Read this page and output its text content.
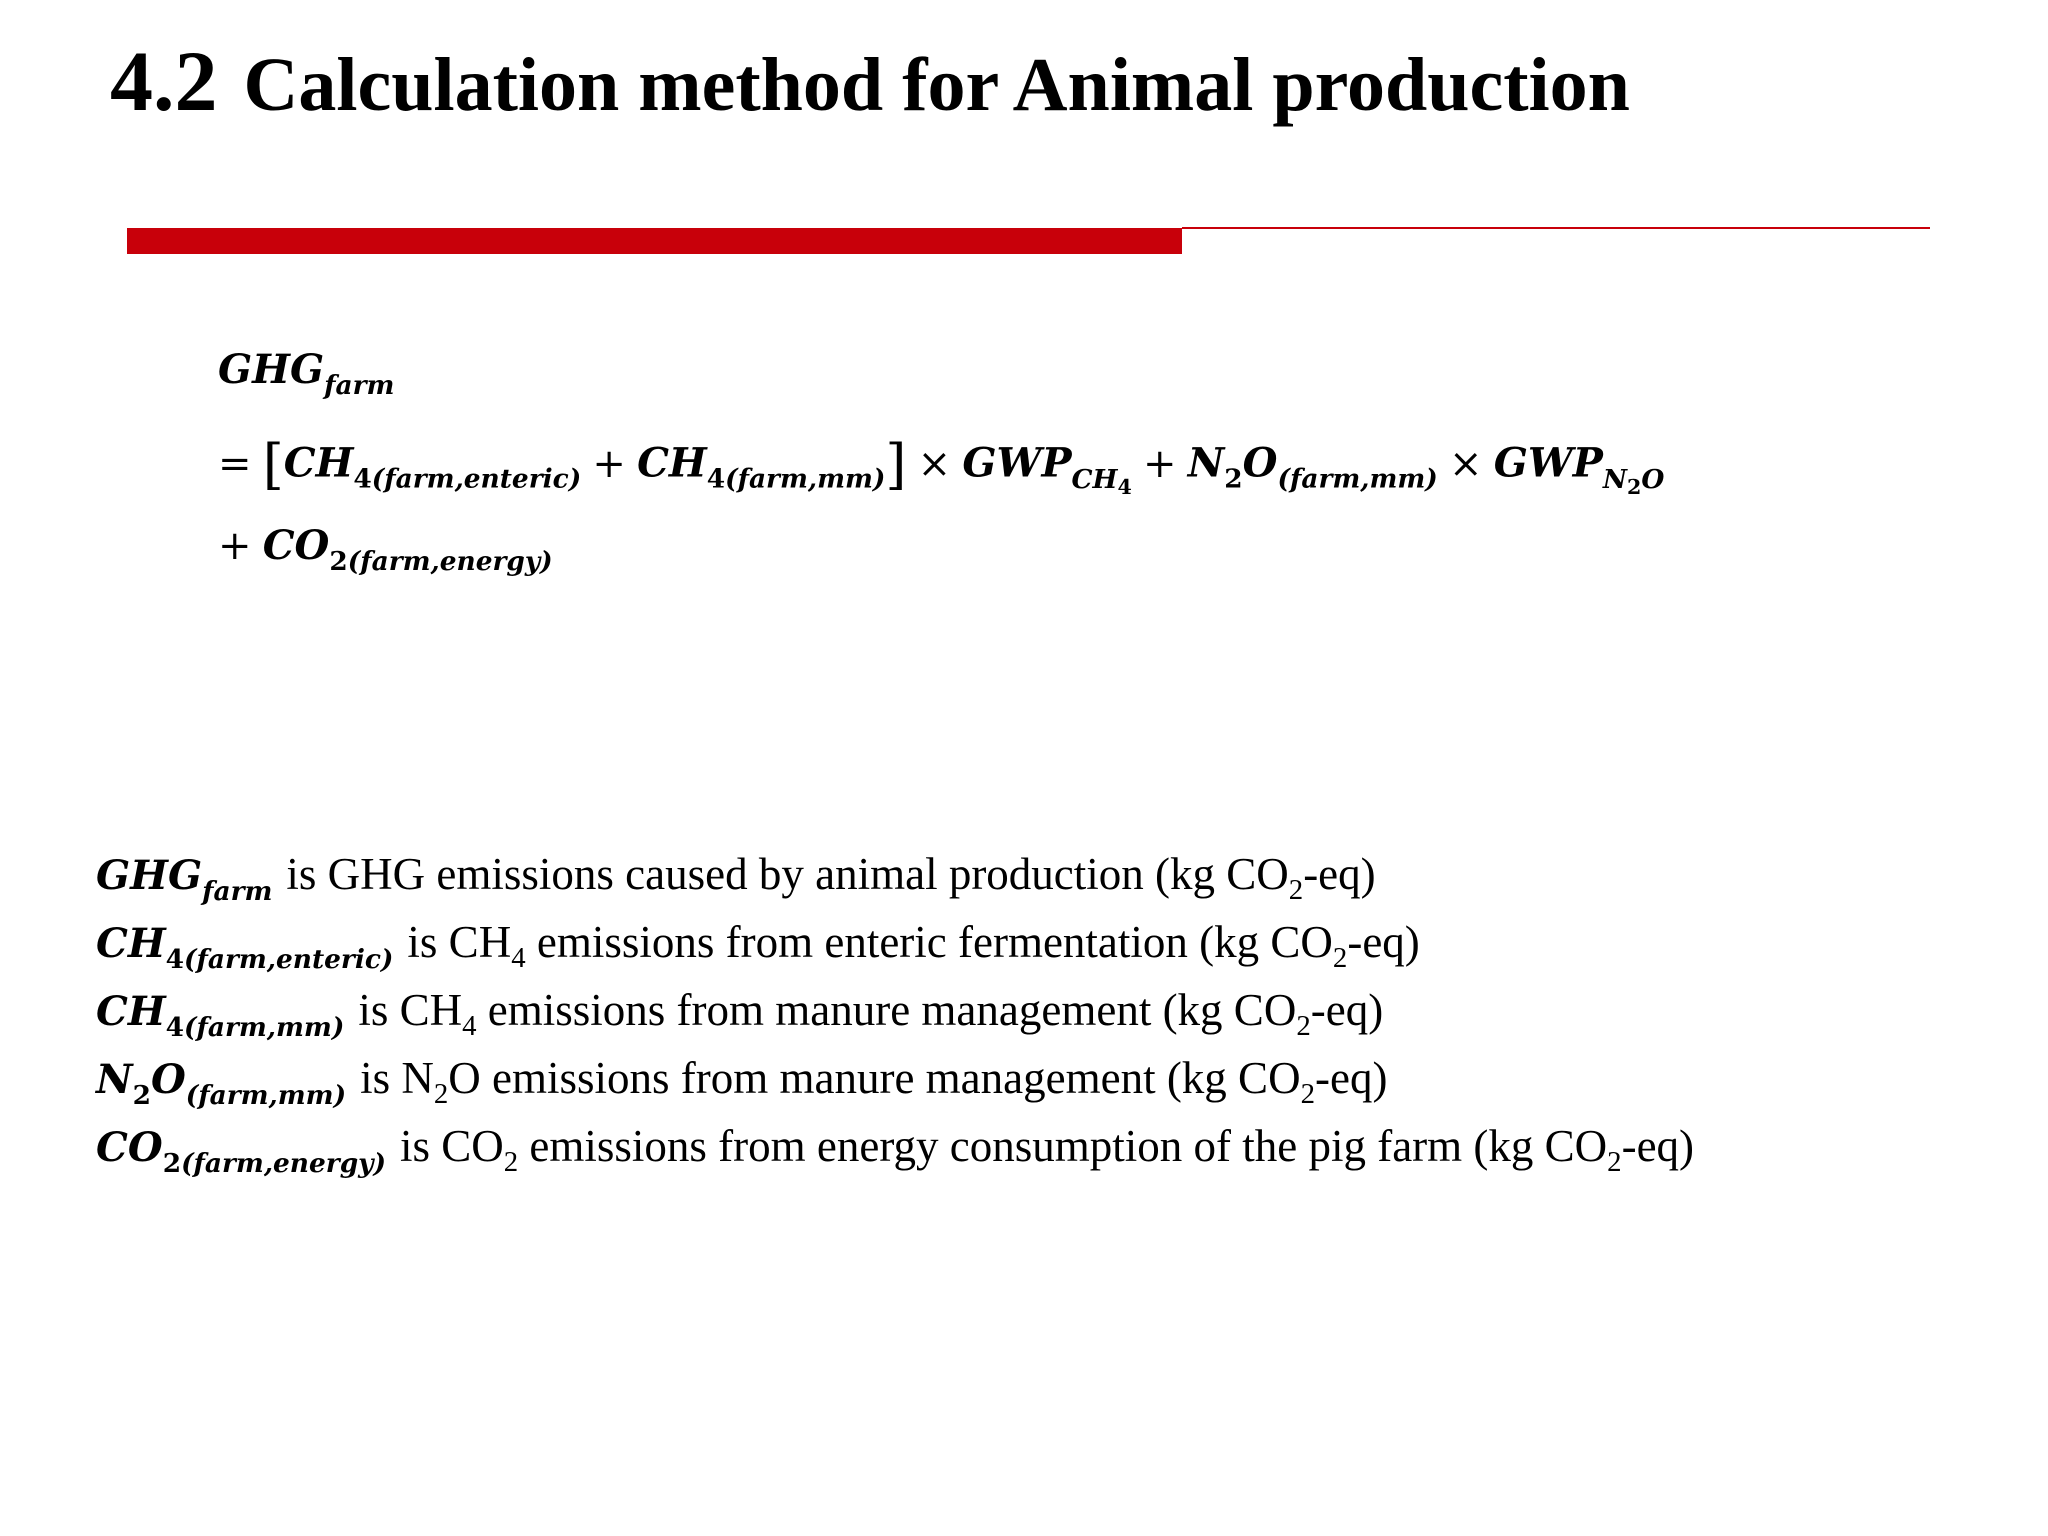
4.2 Calculation method for Animal production
$GHG_{farm}$
= $[CH_{4(farm,enteric)} + CH_{4(farm,mm)}] \times GWP_{CH_4}+ N_2O_{(farm,mm)} \times GWP_{N_2O}$
+ $CO_{2(farm,energy)}$
$GHG_{farm}$ is GHG emissions caused by animal production (kg $CO_2-eq$)
$CH_{4(farm,enteric)}$ is $CH_4$ emissions from enteric fermentation (kg $CO_2-eq$)
$CH_{4(farm,mm)}$ is $CH_4$ emissions from manure management (kg $CO_2-eq$)
$N_2O_{(farm,mm)}$ is $N_2O$ emissions from manure management (kg $CO_2-eq$)
$CO_{2(farm,energy)}$ is $CO_2$ emissions from energy consumption of the pig farm (kg $CO_2-eq$)
